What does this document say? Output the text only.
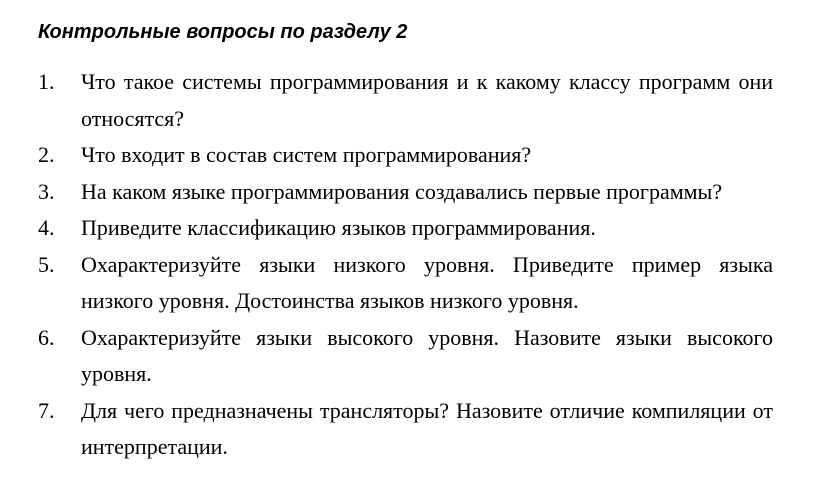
Контрольные вопросы по разделу 2
1. Что такое системы программирования и к какому классу программ они относятся?
2. Что входит в состав систем программирования?
3. На каком языке программирования создавались первые программы?
4. Приведите классификацию языков программирования.
5. Охарактеризуйте языки низкого уровня. Приведите пример языка низкого уровня. Достоинства языков низкого уровня.
6. Охарактеризуйте языки высокого уровня. Назовите языки высокого уровня.
7. Для чего предназначены трансляторы? Назовите отличие компиляции от интерпретации.
